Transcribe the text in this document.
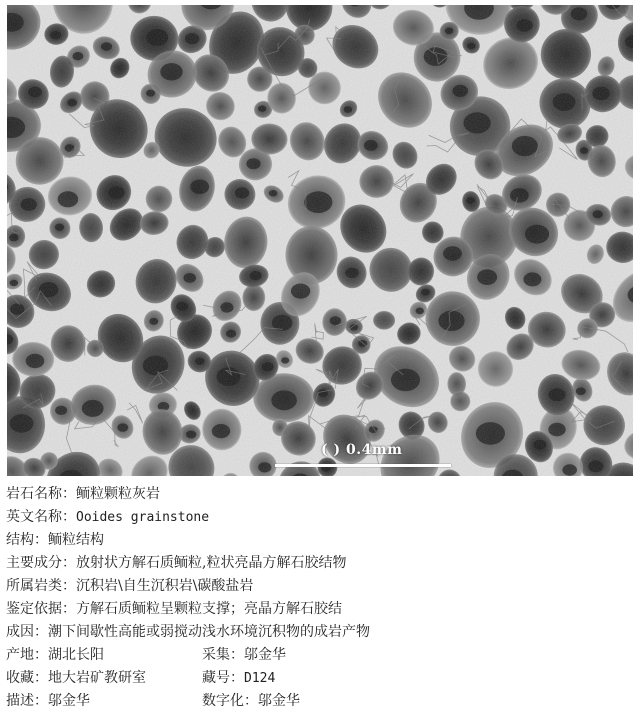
( ) 0.4mm
岩石名称：鲕粒颗粒灰岩
英文名称：Ooides grainstone
结构：鲕粒结构
主要成分：放射状方解石质鲕粒,粒状亮晶方解石胶结物
所属岩类：沉积岩\自生沉积岩\碳酸盐岩
鉴定依据：方解石质鲕粒呈颗粒支撑；亮晶方解石胶结
成因：潮下间歇性高能或弱搅动浅水环境沉积物的成岩产物
产地：湖北长阳	采集：邬金华
收藏：地大岩矿教研室	藏号：D124
描述：邬金华	数字化：邬金华
